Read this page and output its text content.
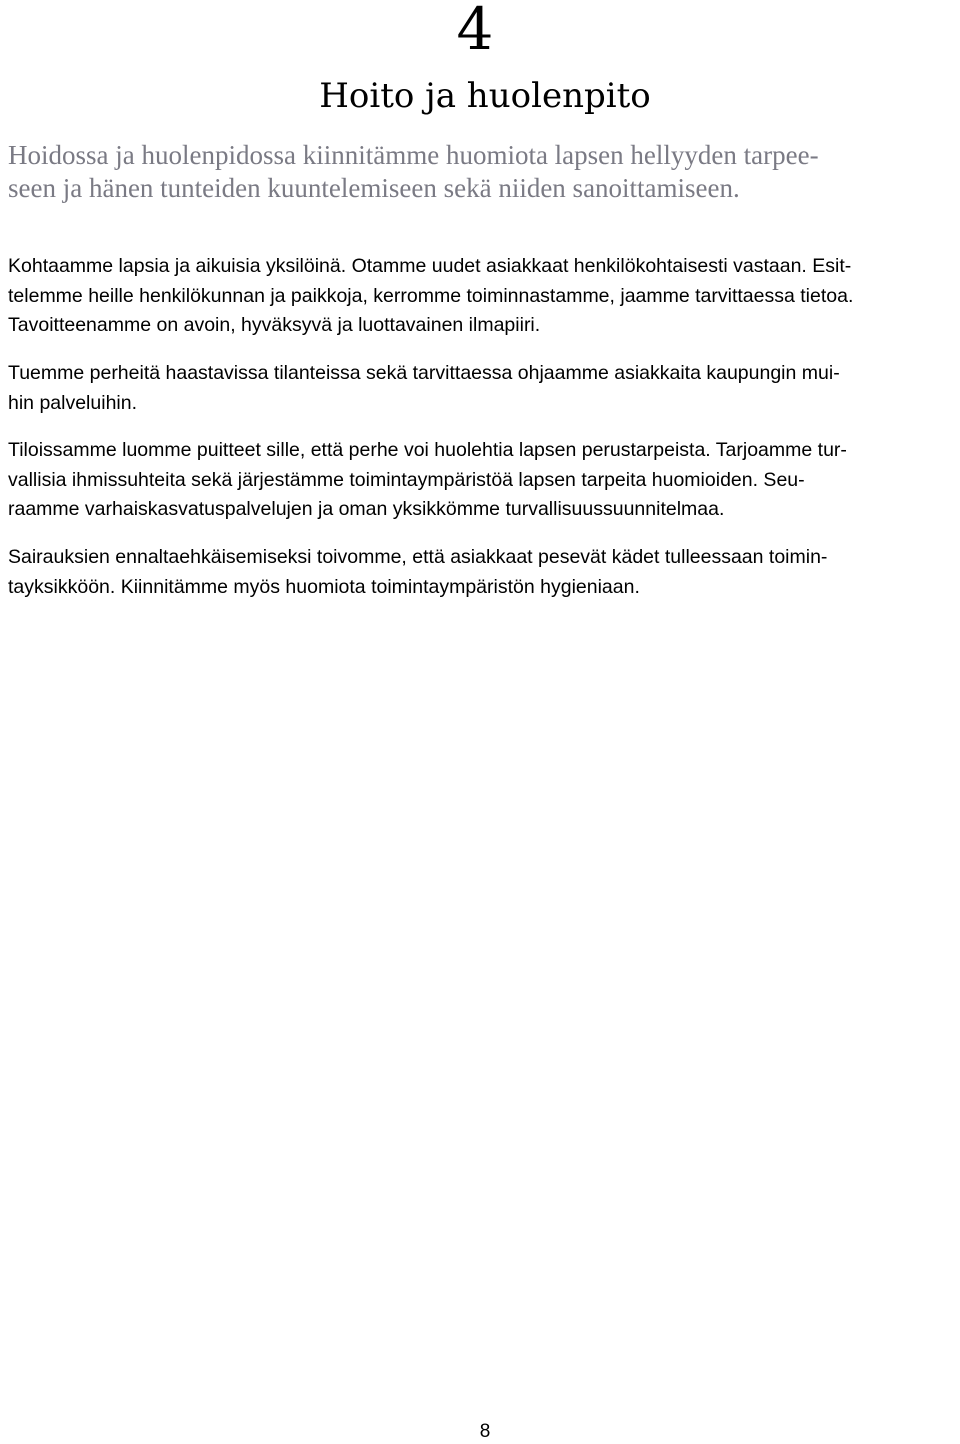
4
Hoito ja huolenpito

Hoidossa ja huolenpidossa kiinnitämme huomiota lapsen hellyyden tarpee-
seen ja hänen tunteiden kuuntelemiseen sekä niiden sanoittamiseen.

Kohtaamme lapsia ja aikuisia yksilöinä. Otamme uudet asiakkaat henkilökohtaisesti vastaan. Esit-
telemme heille henkilökunnan ja paikkoja, kerromme toiminnastamme, jaamme tarvittaessa tietoa.
Tavoitteenamme on avoin, hyväksyvä ja luottavainen ilmapiiri.

Tuemme perheitä haastavissa tilanteissa sekä tarvittaessa ohjaamme asiakkaita kaupungin mui-
hin palveluihin.

Tiloissamme luomme puitteet sille, että perhe voi huolehtia lapsen perustarpeista. Tarjoamme tur-
vallisia ihmissuhteita sekä järjestämme toimintaympäristöä lapsen tarpeita huomioiden. Seu-
raamme varhaiskasvatuspalvelujen ja oman yksikkömme turvallisuussuunnitelmaa.

Sairauksien ennaltaehkäisemiseksi toivomme, että asiakkaat pesevät kädet tulleessaan toimin-
tayksikköön. Kiinnitämme myös huomiota toimintaympäristön hygieniaan.

8
